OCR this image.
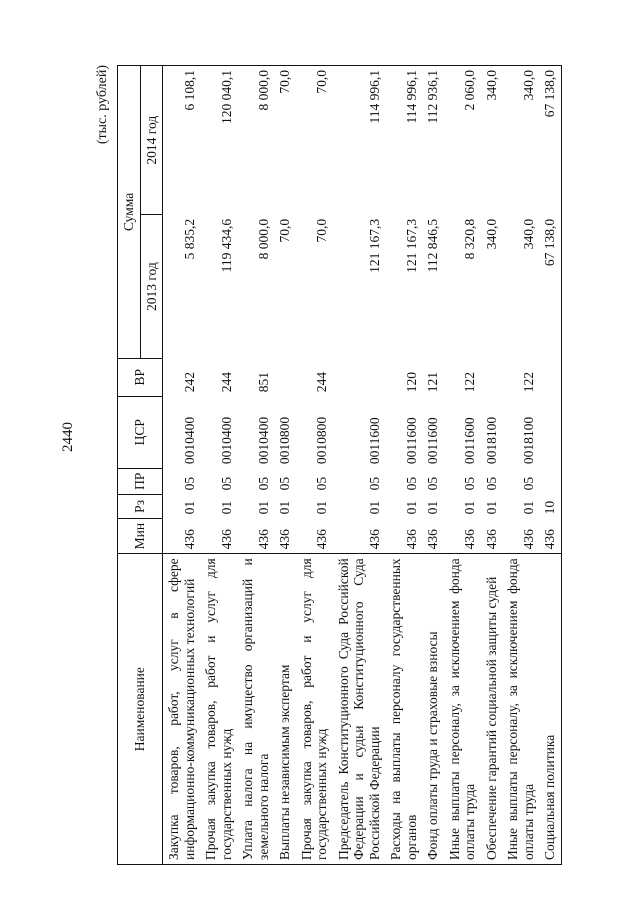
2440
(тыс. рублей)
Наименование	Мин	Рз	ПР	ЦСР	ВР	Сумма	
						2013 год	2014 год
Закупка товаров, работ, услуг в сфере информационно-коммуникационных технологий	436	01	05	0010400	242	5 835,2	6 108,1
Прочая закупка товаров, работ и услуг для государственных нужд	436	01	05	0010400	244	119 434,6	120 040,1
Уплата налога на имущество организаций и земельного налога	436	01	05	0010400	851	8 000,0	8 000,0
Выплаты независимым экспертам	436	01	05	0010800		70,0	70,0
Прочая закупка товаров, работ и услуг для государственных нужд	436	01	05	0010800	244	70,0	70,0
Председатель Конституционного Суда Российской Федерации и судьи Конституционного Суда Российской Федерации	436	01	05	0011600		121 167,3	114 996,1
Расходы на выплаты персоналу государственных органов	436	01	05	0011600	120	121 167,3	114 996,1
Фонд оплаты труда и страховые взносы	436	01	05	0011600	121	112 846,5	112 936,1
Иные выплаты персоналу, за исключением фонда оплаты труда	436	01	05	0011600	122	8 320,8	2 060,0
Обеспечение гарантий социальной защиты судей	436	01	05	0018100		340,0	340,0
Иные выплаты персоналу, за исключением фонда оплаты труда	436	01	05	0018100	122	340,0	340,0
Социальная политика	436	10				67 138,0	67 138,0
